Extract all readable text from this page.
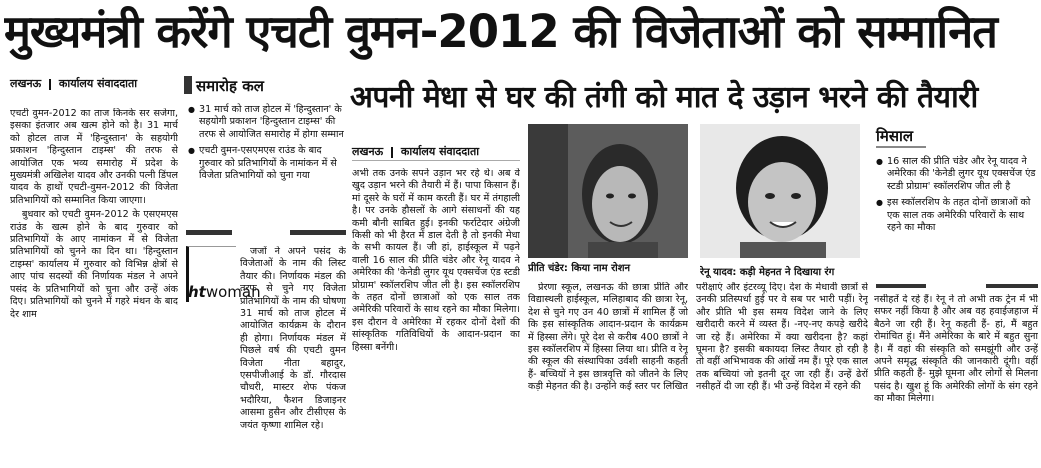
मुख्यमंत्री करेंगे एचटी वुमन-2012 की विजेताओं को सम्मानित
लखनऊ कार्यालय संवाददाता

एचटी वुमन-2012 का ताज किनके सर सजेगा, इसका इंतजार अब खत्म होने को है। 31 मार्च को होटल ताज में 'हिन्दुस्तान' के सहयोगी प्रकाशन 'हिन्दुस्तान टाइम्स' की तरफ से आयोजित एक भव्य समारोह में प्रदेश के मुख्यमंत्री अखिलेश यादव और उनकी पत्नी डिंपल यादव के हाथों एचटी-वुमन-2012 की विजेता प्रतिभागियों को सम्मानित किया जाएगा।

बुधवार को एचटी वुमन-2012 के एसएमएस राउंड के खत्म होने के बाद गुरुवार को प्रतिभागियों के आए नामांकन में से विजेता प्रतिभागियों को चुनने का दिन था। 'हिन्दुस्तान टाइम्स' कार्यालय में गुरुवार को विभिन्न क्षेत्रों से आए पांच सदस्यों की निर्णायक मंडल ने अपने पसंद के प्रतिभागियों को चुना और उन्हें अंक दिए। प्रतिभागियों को चुनने में गहरे मंथन के बाद देर शाम

समारोह कल
● 31 मार्च को ताज होटल में 'हिन्दुस्तान' के सहयोगी प्रकाशन 'हिन्दुस्तान टाइम्स' की तरफ से आयोजित समारोह में होगा सम्मान
● एचटी वुमन-एसएमएस राउंड के बाद गुरुवार को प्रतिभागियों के नामांकन में से विजेता प्रतिभागियों को चुना गया
htwoman

जजों ने अपने पसंद के विजेताओं के नाम की लिस्ट तैयार की। निर्णायक मंडल की तरफ से चुने गए विजेता प्रतिभागियों के नाम की घोषणा 31 मार्च को ताज होटल में आयोजित कार्यक्रम के दौरान ही होगा। निर्णायक मंडल में पिछले वर्ष की एचटी वुमन विजेता नीता बहादुर, एसपीजीआई के डॉ. गौरदास चौधरी, मास्टर शेफ पंकज भदौरिया, फैशन डिजाइनर आसमा हुसैन और टीसीएस के जयंत कृष्णा शामिल रहे।

अपनी मेधा से घर की तंगी को मात दे उड़ान भरने की तैयारी
लखनऊ कार्यालय संवाददाता

अभी तक उनके सपने उड़ान भर रहे थे। अब वे खुद उड़ान भरने की तैयारी में हैं। पापा किसान हैं। मां दूसरे के घरों में काम करती हैं। घर में तंगहाली है। पर उनके हौसलों के आगे संसाधनों की यह कमी बौनी साबित हुई। इनकी फर्राटेदार अंग्रेजी किसी को भी हैरत में डाल देती है तो इनकी मेधा के सभी कायल हैं। जी हां, हाईस्कूल में पढ़ने वाली 16 साल की प्रीति चंडेर और रेनू यादव ने अमेरिका की 'केनेडी लुगर यूथ एक्सचेंज एंड स्टडी प्रोग्राम' स्कॉलरशिप जीत ली है। इस स्कॉलरशिप के तहत दोनों छात्राओं को एक साल तक अमेरिकी परिवारों के साथ रहने का मौका मिलेगा। इस दौरान वे अमेरिका में रहकर दोनों देशों की सांस्कृतिक गतिविधियों के आदान-प्रदान का हिस्सा बनेंगी।

प्रीति चंडेर: किया नाम रोशन	रेनू यादव: कड़ी मेहनत ने दिखाया रंग

प्रेरणा स्कूल, लखनऊ की छात्रा प्रीति और विद्यास्थली हाईस्कूल, मलिहाबाद की छात्रा रेनू, देश से चुने गए उन 40 छात्रों में शामिल हैं जो कि इस सांस्कृतिक आदान-प्रदान के कार्यक्रम में हिस्सा लेंगे। पूरे देश से करीब 400 छात्रों ने इस स्कॉलरशिप में हिस्सा लिया था। प्रीति व रेनू की स्कूल की संस्थापिका उर्वशी साहनी कहती हैं- बच्चियों ने इस छात्रवृत्ति को जीतने के लिए कड़ी मेहनत की है। उन्होंने कई स्तर पर लिखित

परीक्षाएं और इंटरव्यू दिए। देश के मेधावी छात्रों से उनकी प्रतिस्पर्धा हुई पर वे सब पर भारी पड़ीं। रेनू और प्रीति भी इस समय विदेश जाने के लिए खरीदारी करने में व्यस्त हैं। -नए-नए कपड़े खरीदे जा रहे हैं। अमेरिका में क्या खरीदना है? कहां घूमना है? इसकी बकायदा लिस्ट तैयार हो रही है तो वहीं अभिभावक की आंखें नम हैं। पूरे एक साल तक बच्चियां जो इतनी दूर जा रही हैं। उन्हें ढेरों नसीहतें दी जा रही हैं। भी उन्हें विदेश में रहने की

मिसाल
● 16 साल की प्रीति चंडेर और रेनू यादव ने अमेरिका की 'केनेडी लुगर यूथ एक्सचेंज एंड स्टडी प्रोग्राम' स्कॉलरशिप जीत ली है
● इस स्कॉलरशिप के तहत दोनों छात्राओं को एक साल तक अमेरिकी परिवारों के साथ रहने का मौका

नसीहतें दे रहे हैं। रेनू ने तो अभी तक ट्रेन में भी सफर नहीं किया है और अब वह हवाईजहाज में बैठने जा रही हैं। रेनू कहती हैं- हां, मैं बहुत रोमांचित हूं। मैंने अमेरिका के बारे में बहुत सुना है। मैं वहां की संस्कृति को समझूंगी और उन्हें अपने समृद्ध संस्कृति की जानकारी दूंगी। वहीं प्रीति कहती हैं- मुझे घूमना और लोगों से मिलना पसंद है। खुश हूं कि अमेरिकी लोगों के संग रहने का मौका मिलेगा।
